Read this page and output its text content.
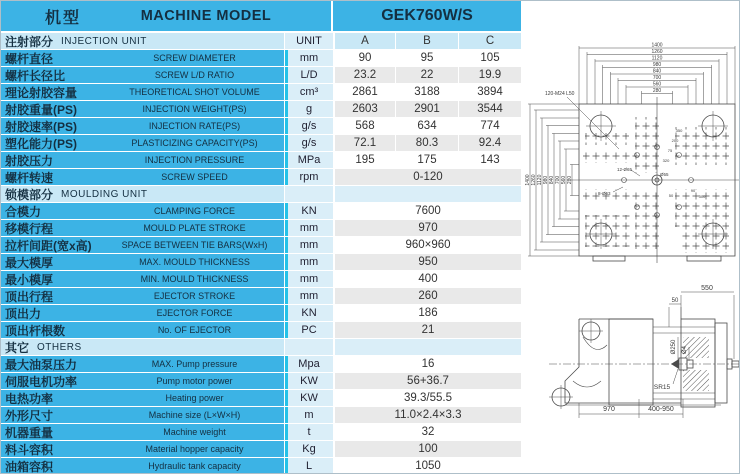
机型	MACHINE MODEL	GEK760W/S
注射部分 INJECTION UNIT	UNIT	A	B	C
螺杆直径	SCREW DIAMETER	mm	90	95	105
螺杆长径比	SCREW L/D RATIO	L/D	23.2	22	19.9
理论射胶容量	THEORETICAL SHOT VOLUME	cm³	2861	3188	3894
射胶重量(PS)	INJECTION WEIGHT(PS)	g	2603	2901	3544
射胶速率(PS)	INJECTION RATE(PS)	g/s	568	634	774
塑化能力(PS)	PLASTICIZING CAPACITY(PS)	g/s	72.1	80.3	92.4
射胶压力	INJECTION PRESSURE	MPa	195	175	143
螺杆转速	SCREW SPEED	rpm	0-120
锁模部分 MOULDING UNIT
合模力	CLAMPING FORCE	KN	7600
移模行程	MOULD PLATE STROKE	mm	970
拉杆间距(宽x高)	SPACE BETWEEN TIE BARS(WxH)	mm	960×960
最大模厚	MAX. MOULD THICKNESS	mm	950
最小模厚	MIN. MOULD THICKNESS	mm	400
顶出行程	EJECTOR STROKE	mm	260
顶出力	EJECTOR FORCE	KN	186
顶出杆根数	No. OF EJECTOR	PC	21
其它 OTHERS
最大油泵压力	MAX. Pump pressure	Mpa	16
伺服电机功率	Pump motor power	KW	56+36.7
电热功率	Heating power	KW	39.3/55.5
外形尺寸	Machine size (L×W×H)	m	11.0×2.4×3.3
机器重量	Machine weight	t	32
料斗容积	Material hopper capacity	Kg	100
油箱容积	Hydraulic tank capacity	L	1050
1400
1260
1120
980
840
700
560
280
1400 1260 1120 980 840 700 560 280
120-M24 L50
12-Ø65
8-Ø63
Ø55
350
200
75
320
50
90
300
550
50
Ø250 Ø4
SR15
970	400-950
